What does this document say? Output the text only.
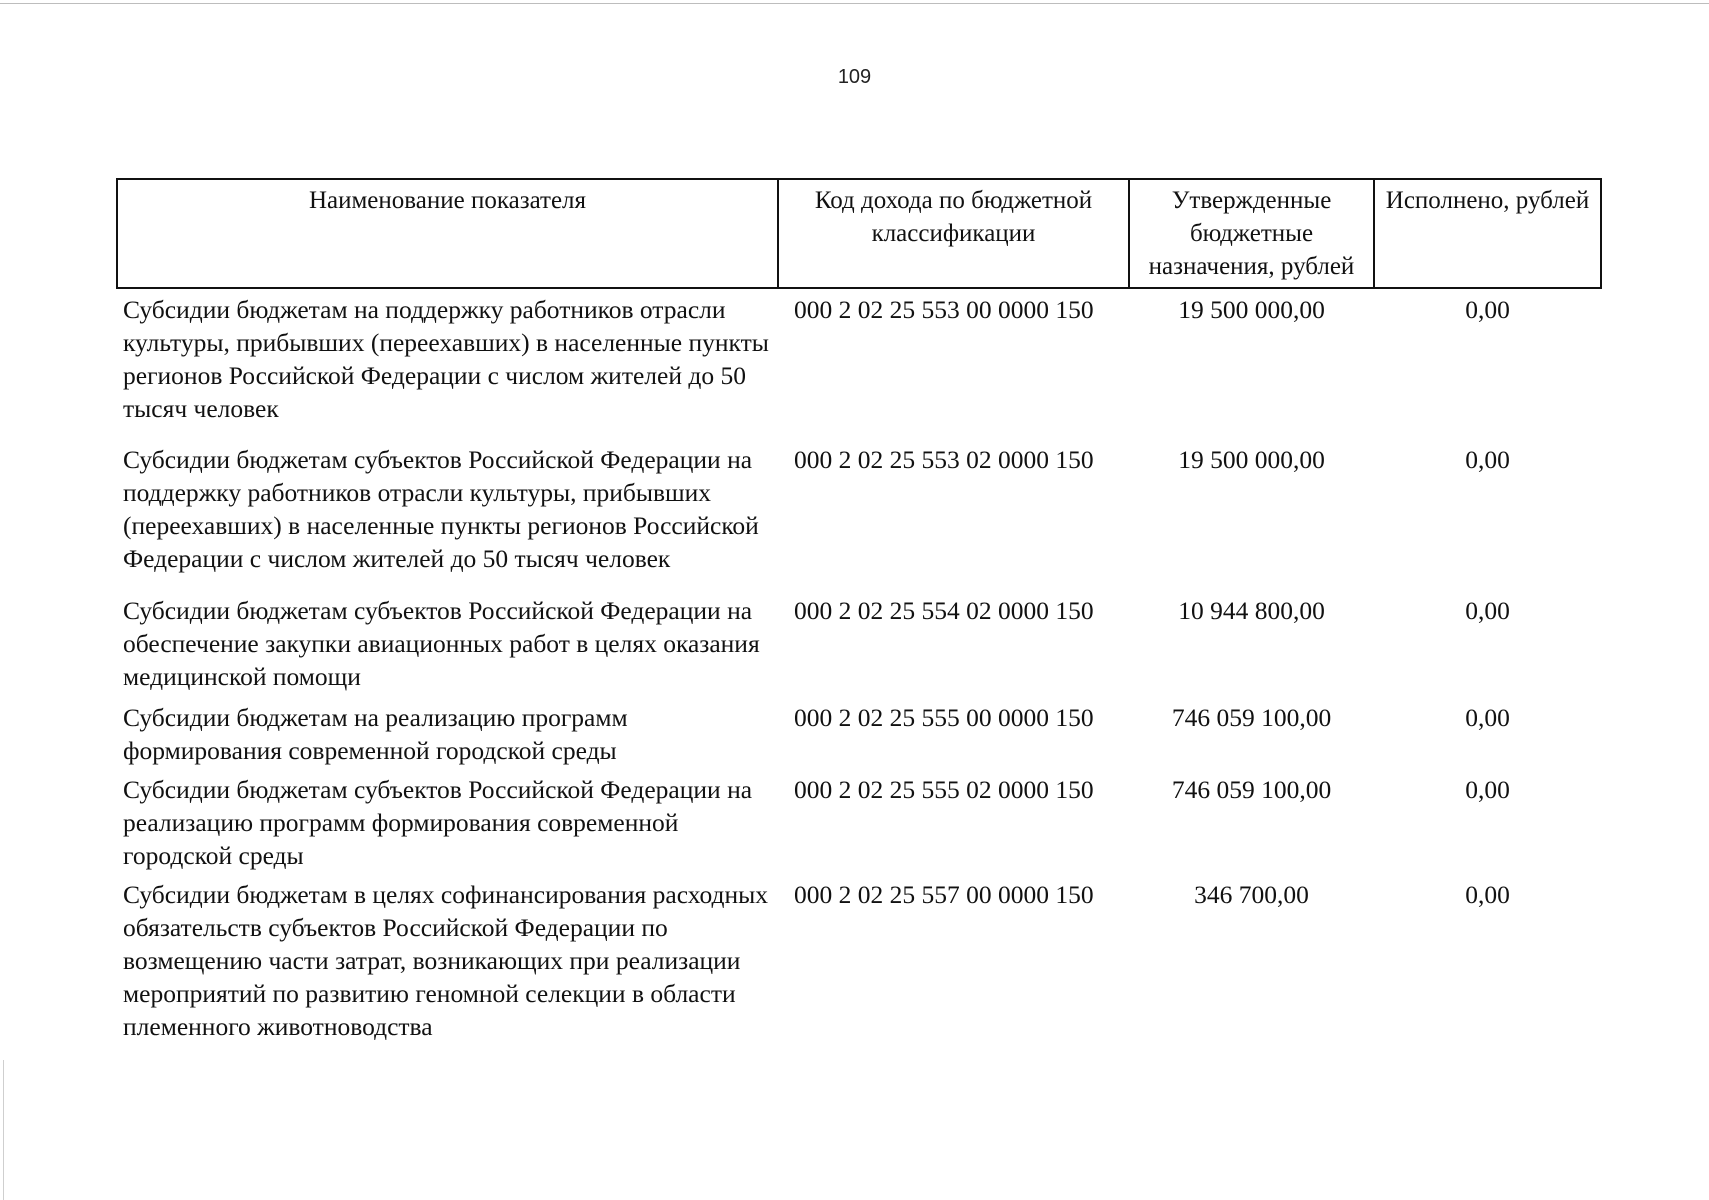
109
Наименование показателя	Код дохода по бюджетной классификации	Утвержденные бюджетные назначения, рублей	Исполнено, рублей
Субсидии бюджетам на поддержку работников отрасли культуры, прибывших (переехавших) в населенные пункты регионов Российской Федерации с числом жителей до 50 тысяч человек	000 2 02 25 553 00 0000 150	19 500 000,00	0,00
Субсидии бюджетам субъектов Российской Федерации на поддержку работников отрасли культуры, прибывших (переехавших) в населенные пункты регионов Российской Федерации с числом жителей до 50 тысяч человек	000 2 02 25 553 02 0000 150	19 500 000,00	0,00
Субсидии бюджетам субъектов Российской Федерации на обеспечение закупки авиационных работ в целях оказания медицинской помощи	000 2 02 25 554 02 0000 150	10 944 800,00	0,00
Субсидии бюджетам на реализацию программ формирования современной городской среды	000 2 02 25 555 00 0000 150	746 059 100,00	0,00
Субсидии бюджетам субъектов Российской Федерации на реализацию программ формирования современной городской среды	000 2 02 25 555 02 0000 150	746 059 100,00	0,00
Субсидии бюджетам в целях софинансирования расходных обязательств субъектов Российской Федерации по возмещению части затрат, возникающих при реализации мероприятий по развитию геномной селекции в области племенного животноводства	000 2 02 25 557 00 0000 150	346 700,00	0,00
